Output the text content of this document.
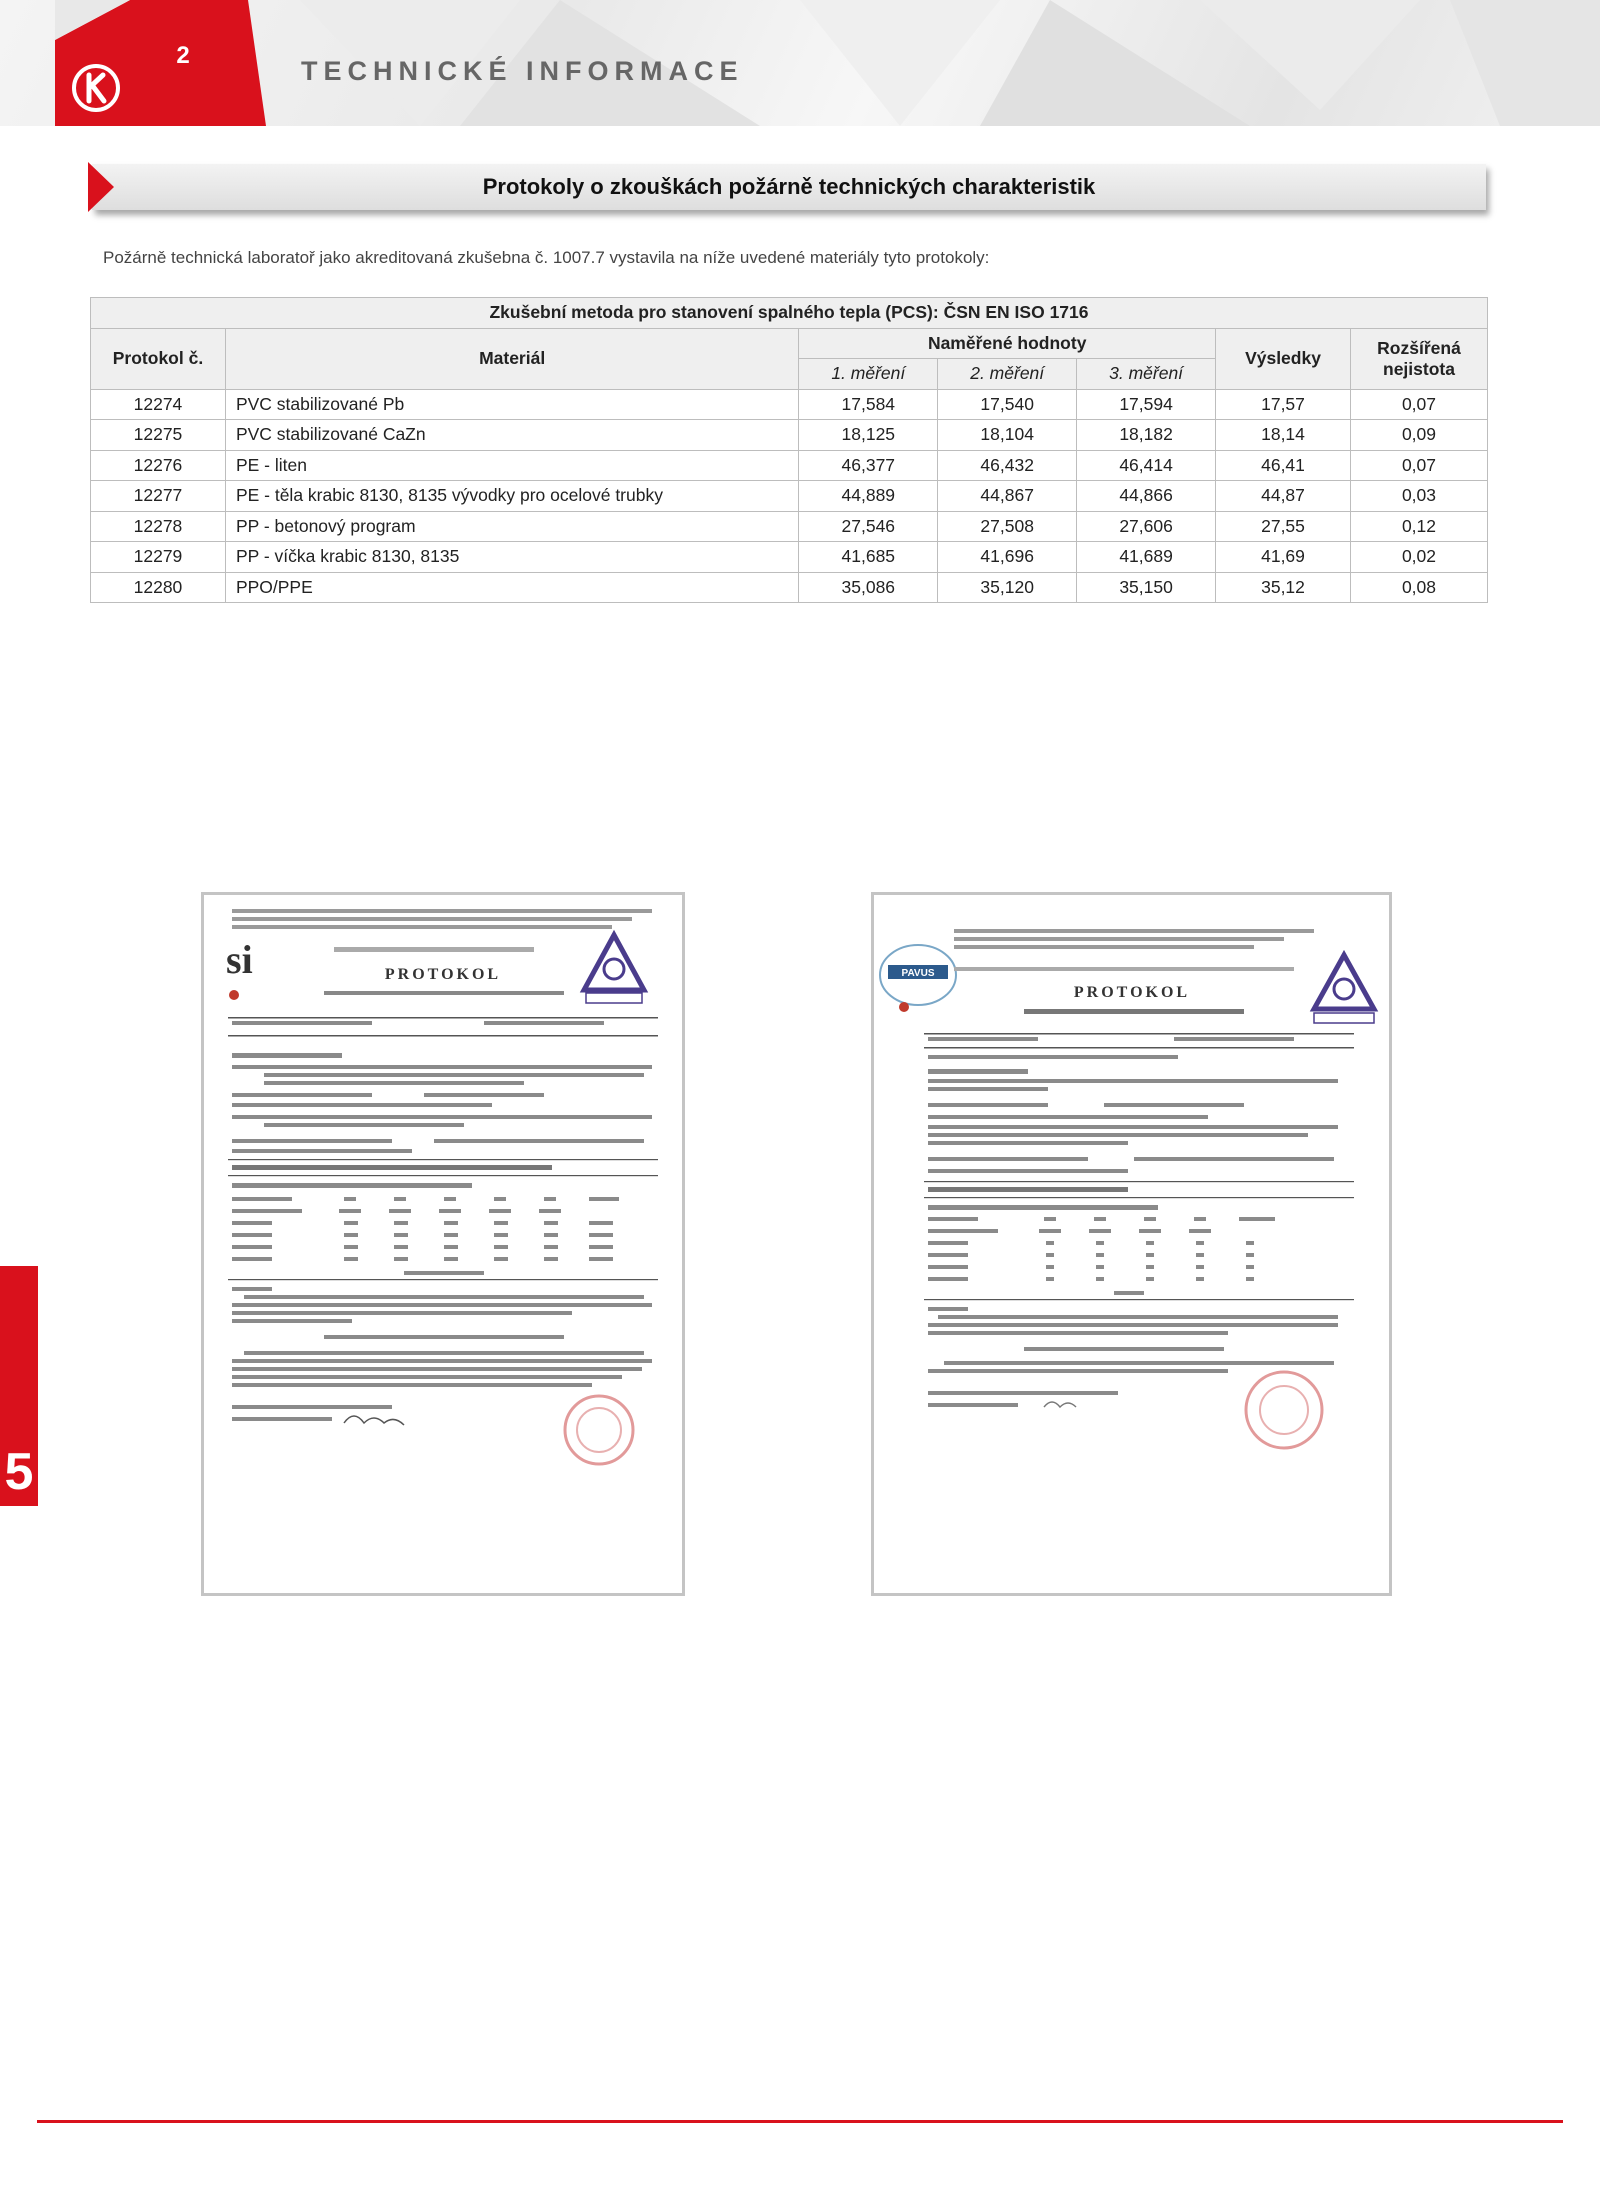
2
TECHNICKÉ INFORMACE
Protokoly o zkouškách požárně technických charakteristik
Požárně technická laboratoř jako akreditovaná zkušebna č. 1007.7 vystavila na níže uvedené materiály tyto protokoly:
Zkušební metoda pro stanovení spalného tepla (PCS): ČSN EN ISO 1716						
Protokol č.	Materiál	Naměřené hodnoty			Výsledky	Rozšířená nejistota
		1. měření	2. měření	3. měření		
12274	PVC stabilizované Pb	17,584	17,540	17,594	17,57	0,07
12275	PVC stabilizované CaZn	18,125	18,104	18,182	18,14	0,09
12276	PE - liten	46,377	46,432	46,414	46,41	0,07
12277	PE - těla krabic 8130, 8135 vývodky pro ocelové trubky	44,889	44,867	44,866	44,87	0,03
12278	PP - betonový program	27,546	27,508	27,606	27,55	0,12
12279	PP - víčka krabic 8130, 8135	41,685	41,696	41,689	41,69	0,02
12280	PPO/PPE	35,086	35,120	35,150	35,12	0,08
si	PROTOKOL	PAVUS
PROTOKOL
5
